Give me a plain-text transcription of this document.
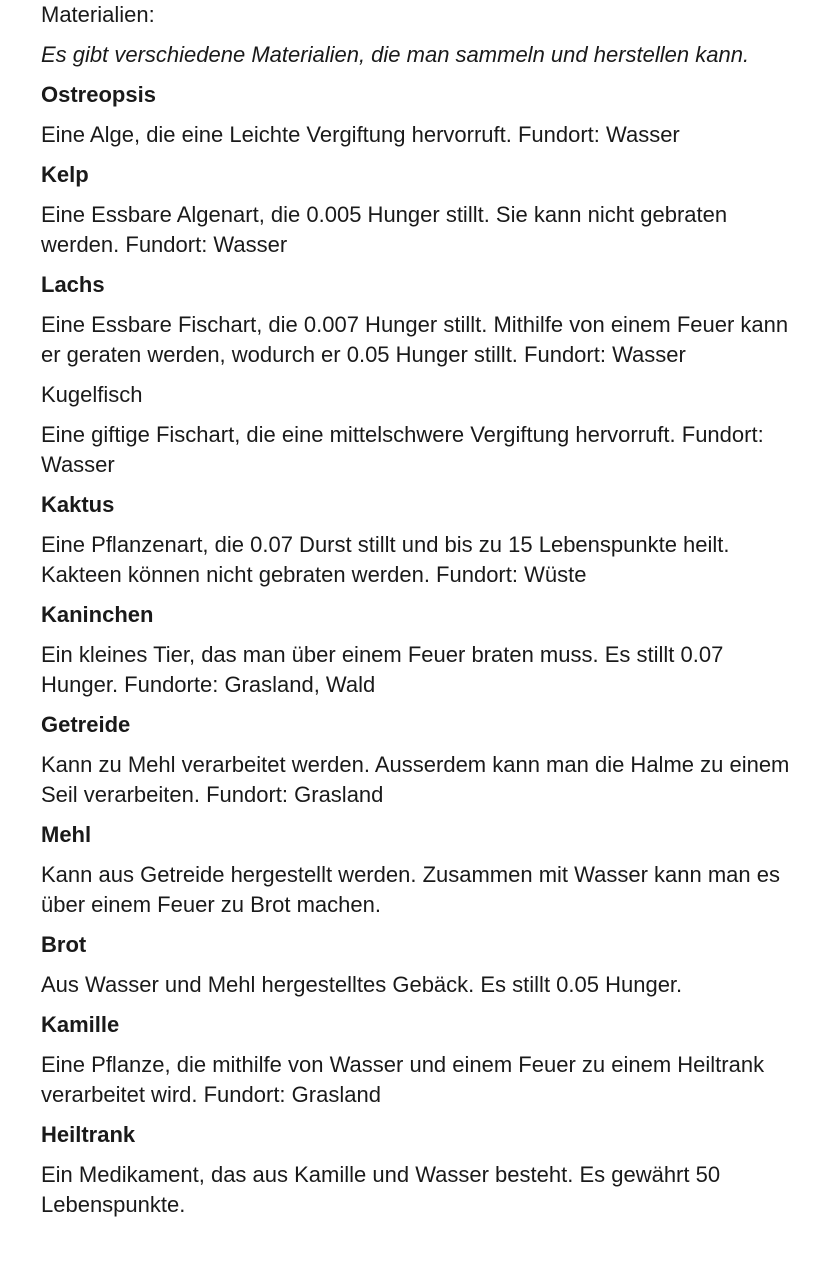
Materialien:

Es gibt verschiedene Materialien, die man sammeln und herstellen kann.

Ostreopsis

Eine Alge, die eine Leichte Vergiftung hervorruft. Fundort: Wasser

Kelp

Eine Essbare Algenart, die 0.005 Hunger stillt. Sie kann nicht gebraten werden. Fundort: Wasser

Lachs

Eine Essbare Fischart, die 0.007 Hunger stillt. Mithilfe von einem Feuer kann er geraten werden, wodurch er 0.05 Hunger stillt. Fundort: Wasser

Kugelfisch

Eine giftige Fischart, die eine mittelschwere Vergiftung hervorruft. Fundort: Wasser

Kaktus

Eine Pflanzenart, die 0.07 Durst stillt und bis zu 15 Lebenspunkte heilt. Kakteen können nicht gebraten werden. Fundort: Wüste

Kaninchen

Ein kleines Tier, das man über einem Feuer braten muss. Es stillt 0.07 Hunger. Fundorte: Grasland, Wald

Getreide

Kann zu Mehl verarbeitet werden. Ausserdem kann man die Halme zu einem Seil verarbeiten. Fundort: Grasland

Mehl

Kann aus Getreide hergestellt werden. Zusammen mit Wasser kann man es über einem Feuer zu Brot machen.

Brot

Aus Wasser und Mehl hergestelltes Gebäck. Es stillt 0.05 Hunger.

Kamille

Eine Pflanze, die mithilfe von Wasser und einem Feuer zu einem Heiltrank verarbeitet wird. Fundort: Grasland

Heiltrank

Ein Medikament, das aus Kamille und Wasser besteht. Es gewährt 50 Lebenspunkte.
